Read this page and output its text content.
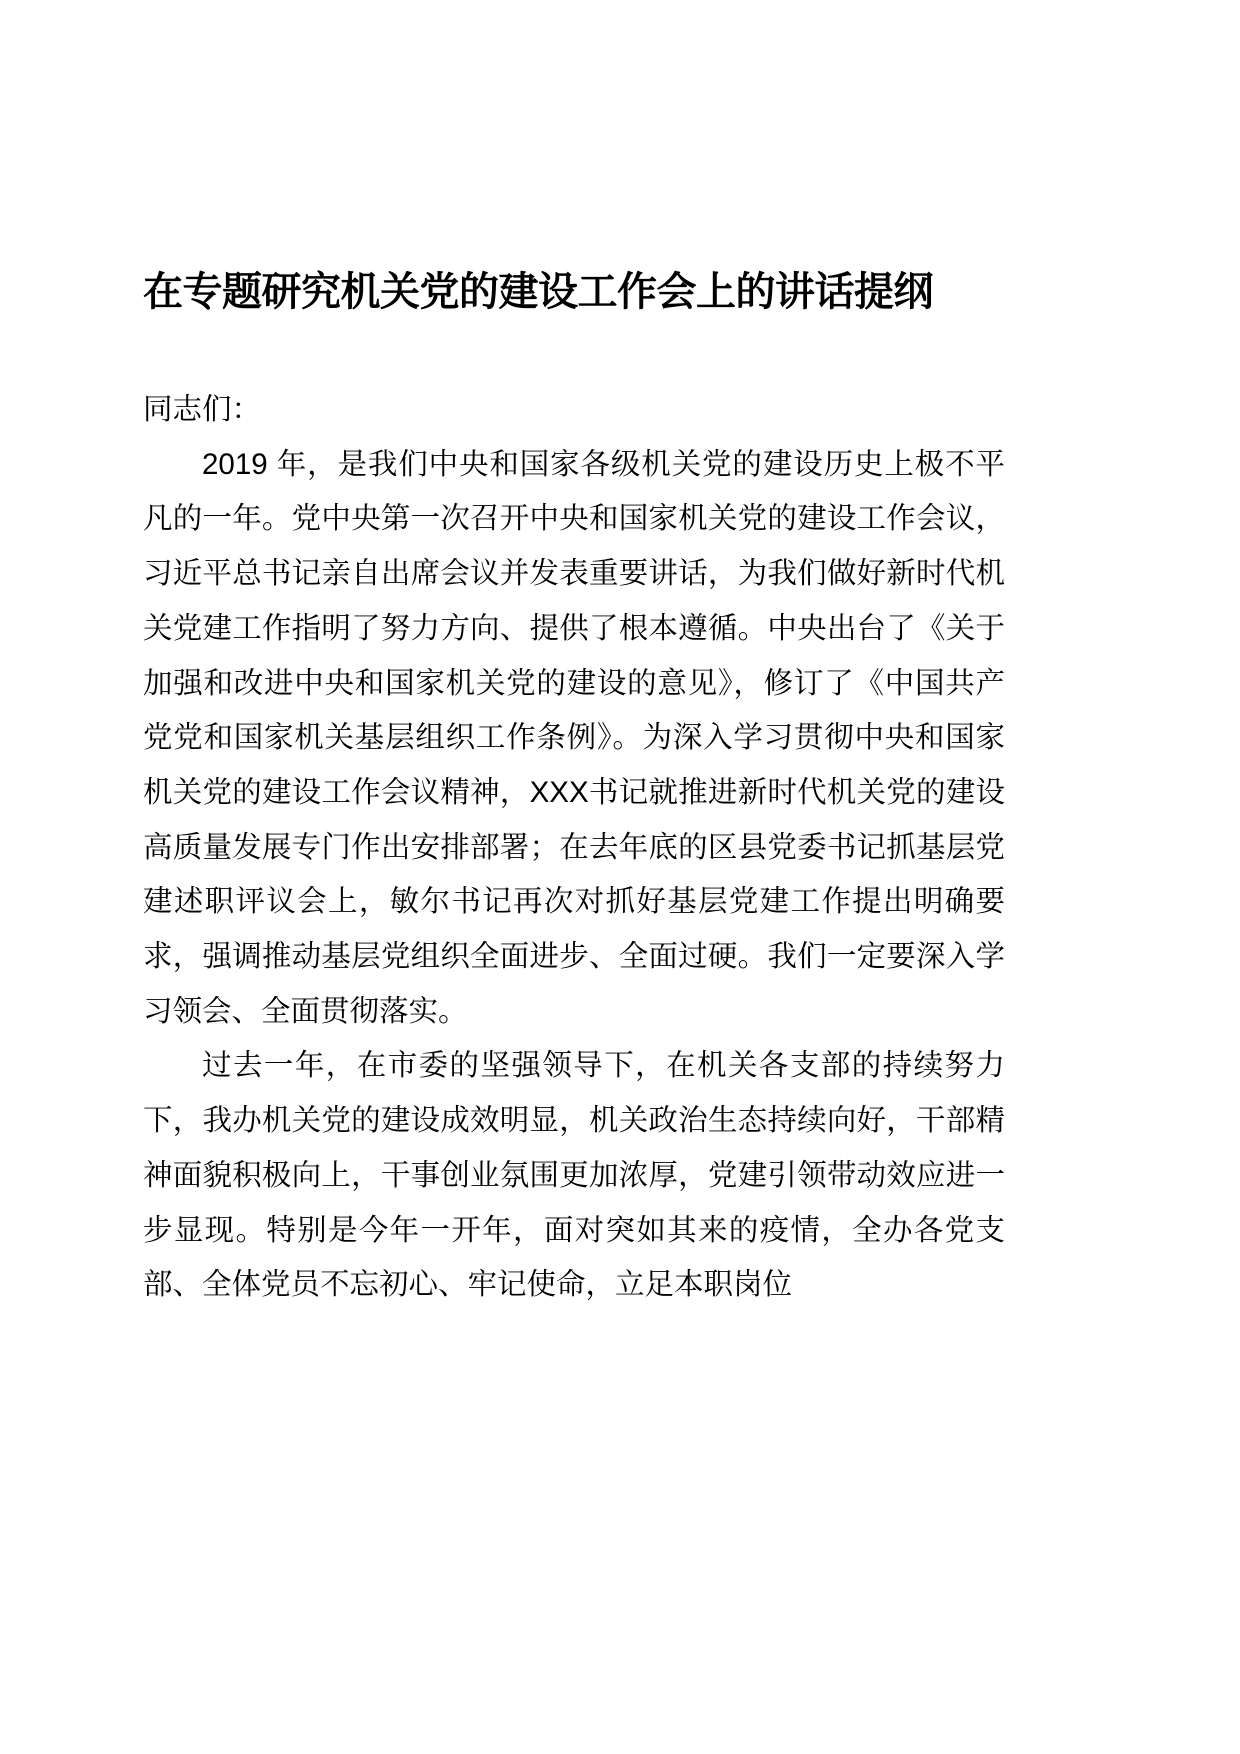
在专题研究机关党的建设工作会上的讲话提纲

同志们：

2019 年，是我们中央和国家各级机关党的建设历史上极不平凡的一年。党中央第一次召开中央和国家机关党的建设工作会议，习近平总书记亲自出席会议并发表重要讲话，为我们做好新时代机关党建工作指明了努力方向、提供了根本遵循。中央出台了《关于加强和改进中央和国家机关党的建设的意见》，修订了《中国共产党党和国家机关基层组织工作条例》。为深入学习贯彻中央和国家机关党的建设工作会议精神，XXX书记就推进新时代机关党的建设高质量发展专门作出安排部署；在去年底的区县党委书记抓基层党建述职评议会上，敏尔书记再次对抓好基层党建工作提出明确要求，强调推动基层党组织全面进步、全面过硬。我们一定要深入学习领会、全面贯彻落实。

过去一年，在市委的坚强领导下，在机关各支部的持续努力下，我办机关党的建设成效明显，机关政治生态持续向好，干部精神面貌积极向上，干事创业氛围更加浓厚，党建引领带动效应进一步显现。特别是今年一开年，面对突如其来的疫情，全办各党支部、全体党员不忘初心、牢记使命，立足本职岗位
